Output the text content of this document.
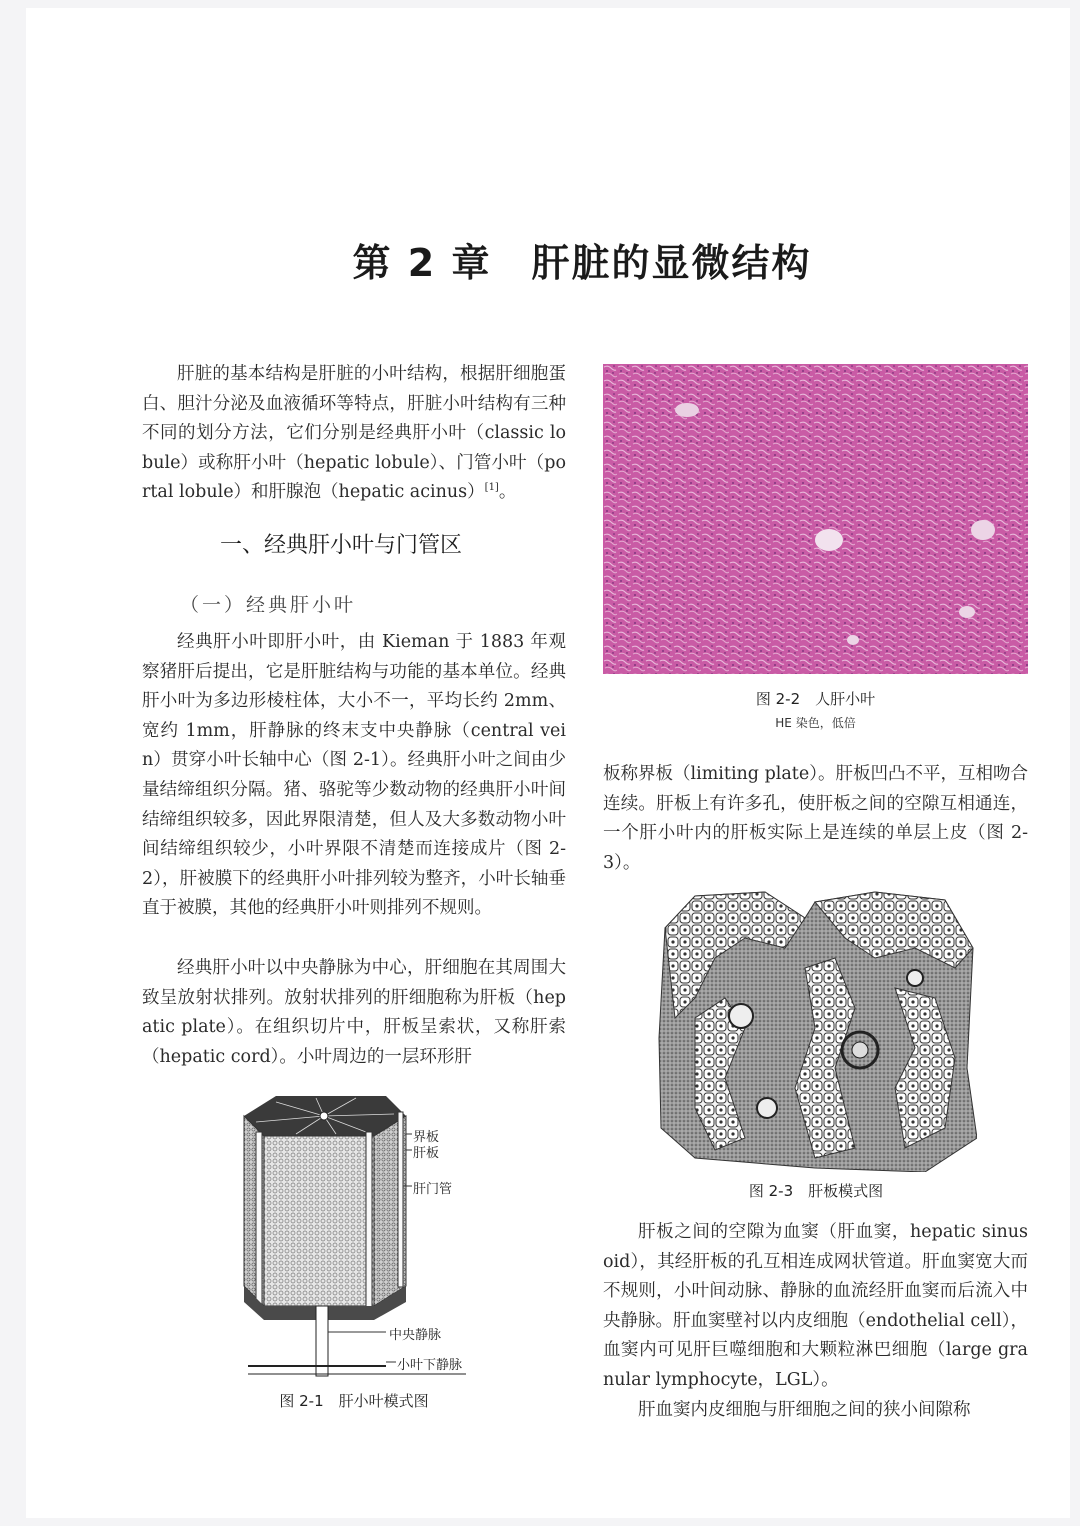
第 2 章　肝脏的显微结构

肝脏的基本结构是肝脏的小叶结构，根据肝细胞蛋白、胆汁分泌及血液循环等特点，肝脏小叶结构有三种不同的划分方法，它们分别是经典肝小叶（classic lobule）或称肝小叶（hepatic lobule）、门管小叶（portal lobule）和肝腺泡（hepatic acinus）[1]。

一、经典肝小叶与门管区
（一）经典肝小叶

经典肝小叶即肝小叶，由 Kieman 于 1883 年观察猪肝后提出，它是肝脏结构与功能的基本单位。经典肝小叶为多边形棱柱体，大小不一，平均长约 2mm、宽约 1mm，肝静脉的终末支中央静脉（central vein）贯穿小叶长轴中心（图 2-1）。经典肝小叶之间由少量结缔组织分隔。猪、骆驼等少数动物的经典肝小叶间结缔组织较多，因此界限清楚，但人及大多数动物小叶间结缔组织较少，小叶界限不清楚而连接成片（图 2-2），肝被膜下的经典肝小叶排列较为整齐，小叶长轴垂直于被膜，其他的经典肝小叶则排列不规则。

经典肝小叶以中央静脉为中心，肝细胞在其周围大致呈放射状排列。放射状排列的肝细胞称为肝板（hepatic plate）。在组织切片中，肝板呈索状，又称肝索（hepatic cord）。小叶周边的一层环形肝

界板
肝板
肝门管
中央静脉
小叶下静脉
图 2-1　肝小叶模式图
图 2-2　人肝小叶
HE 染色，低倍

板称界板（limiting plate）。肝板凹凸不平，互相吻合连续。肝板上有许多孔，使肝板之间的空隙互相通连，一个肝小叶内的肝板实际上是连续的单层上皮（图 2-3）。

图 2-3　肝板模式图

肝板之间的空隙为血窦（肝血窦，hepatic sinusoid），其经肝板的孔互相连成网状管道。肝血窦宽大而不规则，小叶间动脉、静脉的血流经肝血窦而后流入中央静脉。肝血窦壁衬以内皮细胞（endothelial cell），血窦内可见肝巨噬细胞和大颗粒淋巴细胞（large granular lymphocyte，LGL）。

肝血窦内皮细胞与肝细胞之间的狭小间隙称
